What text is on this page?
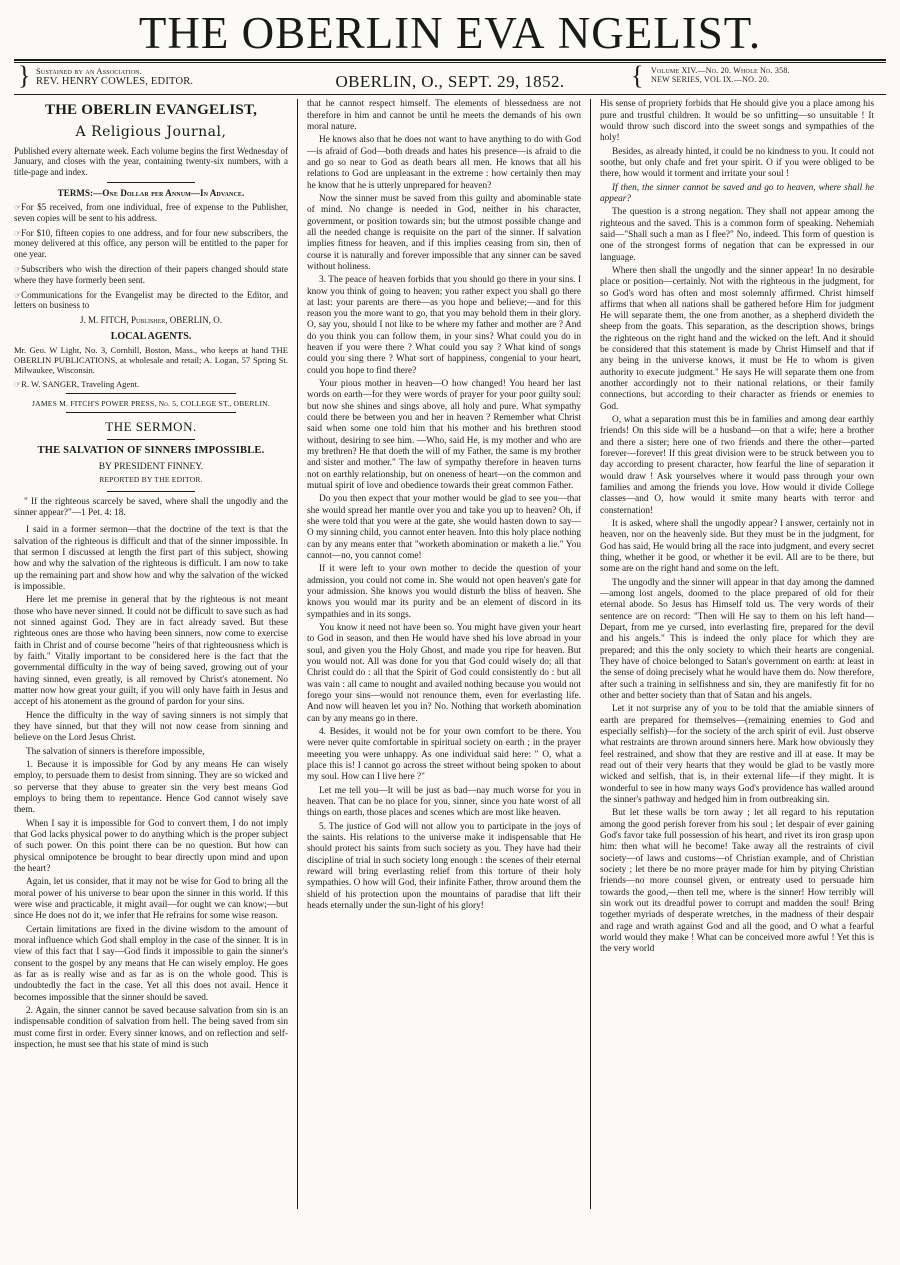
THE OBERLIN EVA NGELIST.
} Sustained by an Association.
REV. HENRY COWLES, EDITOR.	OBERLIN, O., SEPT. 29, 1852.	{ Volume XIV.—No. 20. Whole No. 358.
NEW SERIES, VOL IX.—NO. 20.
THE OBERLIN EVANGELIST,
A Religious Journal,
Published every alternate week. Each volume begins the first Wednesday of January, and closes with the year, containing twenty-six numbers, with a title-page and index.
TERMS:—One Dollar per Annum—In Advance.
☞For $5 received, from one individual, free of expense to the Publisher, seven copies will be sent to his address.
☞For $10, fifteen copies to one address, and for four new subscribers, the money delivered at this office, any person will be entitled to the paper for one year.
☞Subscribers who wish the direction of their papers changed should state where they have formerly been sent.
☞Communications for the Evangelist may be directed to the Editor, and letters on business to
J. M. FITCH, Publisher, OBERLIN, O.
LOCAL AGENTS.
Mr. Geo. W Light, No. 3, Cornhill, Boston, Mass., who keeps at hand THE OBERLIN PUBLICATIONS, at wholesale and retail; A. Logan, 57 Spring St. Milwaukee, Wisconsin.
☞R. W. SANGER, Traveling Agent.
JAMES M. FITCH'S POWER PRESS, No. 5, COLLEGE ST., OBERLIN.
THE SERMON.
THE SALVATION OF SINNERS IMPOSSIBLE.
BY PRESIDENT FINNEY.
REPORTED BY THE EDITOR.
" If the righteous scarcely be saved, where shall the ungodly and the sinner appear?"—1 Pet. 4: 18.

I said in a former sermon—that the doctrine of the text is that the salvation of the righteous is difficult and that of the sinner impossible. In that sermon I discussed at length the first part of this subject, showing how and why the salvation of the righteous is difficult. I am now to take up the remaining part and show how and why the salvation of the wicked is impossible.

Here let me premise in general that by the righteous is not meant those who have never sinned. It could not be difficult to save such as had not sinned against God. They are in fact already saved. But these righteous ones are those who having been sinners, now come to exercise faith in Christ and of course become "heirs of that righteousness which is by faith." Vitally important to be considered here is the fact that the governmental difficulty in the way of being saved, growing out of your having sinned, even greatly, is all removed by Christ's atonement. No matter now how great your guilt, if you will only have faith in Jesus and accept of his atonement as the ground of pardon for your sins.

Hence the difficulty in the way of saving sinners is not simply that they have sinned, but that they will not now cease from sinning and believe on the Lord Jesus Christ.

The salvation of sinners is therefore impossible,

1. Because it is impossible for God by any means He can wisely employ, to persuade them to desist from sinning. They are so wicked and so perverse that they abuse to greater sin the very best means God employs to bring them to repentance. Hence God cannot wisely save them.

When I say it is impossible for God to convert them, I do not imply that God lacks physical power to do anything which is the proper subject of such power. On this point there can be no question. But how can physical omnipotence be brought to bear directly upon mind and upon the heart?

Again, let us consider, that it may not be wise for God to bring all the moral power of his universe to bear upon the sinner in this world. If this were wise and practicable, it might avail—for ought we can know;—but since He does not do it, we infer that He refrains for some wise reason.

Certain limitations are fixed in the divine wisdom to the amount of moral influence which God shall employ in the case of the sinner. It is in view of this fact that I say—God finds it impossible to gain the sinner's consent to the gospel by any means that He can wisely employ. He goes as far as is really wise and as far as is on the whole good. This is undoubtedly the fact in the case. Yet all this does not avail. Hence it becomes impossible that the sinner should be saved.

2. Again, the sinner cannot be saved because salvation from sin is an indispensable condition of salvation from hell. The being saved from sin must come first in order. Every sinner knows, and on reflection and self-inspection, he must see that his state of mind is such

that he cannot respect himself. The elements of blessedness are not therefore in him and cannot be until he meets the demands of his own moral nature.

He knows also that he does not want to have anything to do with God—is afraid of God—both dreads and hates his presence—is afraid to die and go so near to God as death bears all men. He knows that all his relations to God are unpleasant in the extreme : how certainly then may he know that he is utterly unprepared for heaven?

Now the sinner must be saved from this guilty and abominable state of mind. No change is needed in God, neither in his character, government, or position towards sin; but the utmost possible change and all the needed change is requisite on the part of the sinner. If salvation implies fitness for heaven, and if this implies ceasing from sin, then of course it is naturally and forever impossible that any sinner can be saved without holiness.

3. The peace of heaven forbids that you should go there in your sins. I know you think of going to heaven; you rather expect you shall go there at last: your parents are there—as you hope and believe;—and for this reason you the more want to go, that you may behold them in their glory. O, say you, should I not like to be where my father and mother are ? And do you think you can follow them, in your sins? What could you do in heaven if you were there ? What could you say ? What kind of songs could you sing there ? What sort of happiness, congenial to your heart, could you hope to find there?

Your pious mother in heaven—O how changed! You heard her last words on earth—for they were words of prayer for your poor guilty soul: but now she shines and sings above, all holy and pure. What sympathy could there be between you and her in heaven ? Remember what Christ said when some one told him that his mother and his brethren stood without, desiring to see him. —Who, said He, is my mother and who are my brethren? He that doeth the will of my Father, the same is my brother and sister and mother." The law of sympathy therefore in heaven turns not on earthly relationship, but on oneness of heart—on the common and mutual spirit of love and obedience towards their great common Father.

Do you then expect that your mother would be glad to see you—that she would spread her mantle over you and take you up to heaven? Oh, if she were told that you were at the gate, she would hasten down to say—O my sinning child, you cannot enter heaven. Into this holy place nothing can by any means enter that "worketh abomination or maketh a lie." You cannot—no, you cannot come!

If it were left to your own mother to decide the question of your admission, you could not come in. She would not open heaven's gate for your admission. She knows you would disturb the bliss of heaven. She knows you would mar its purity and be an element of discord in its sympathies and in its songs.

You know it need not have been so. You might have given your heart to God in season, and then He would have shed his love abroad in your soul, and given you the Holy Ghost, and made you ripe for heaven. But you would not. All was done for you that God could wisely do; all that Christ could do : all that the Spirit of God could consistently do : but all was vain : all came to nought and availed nothing because you would not forego your sins—would not renounce them, even for everlasting life. And now will heaven let you in? No. Nothing that worketh abomination can by any means go in there.

4. Besides, it would not be for your own comfort to be there. You were never quite comfortable in spiritual society on earth ; in the prayer meeeting you were unhappy. As one individual said here: " O, what a place this is! I cannot go across the street without being spoken to about my soul. How can I live here ?"

Let me tell you—It will be just as bad—nay much worse for you in heaven. That can be no place for you, sinner, since you hate worst of all things on earth, those places and scenes which are most like heaven.

5. The justice of God will not allow you to participate in the joys of the saints. His relations to the universe make it indispensable that He should protect his saints from such society as you. They have had their discipline of trial in such society long enough : the scenes of their eternal reward will bring everlasting relief from this torture of their holy sympathies. O how will God, their infinite Father, throw around them the shield of his protection upon the mountains of paradise that lift their heads eternally under the sun-light of his glory!

His sense of propriety forbids that He should give you a place among his pure and trustful children. It would be so unfitting—so unsuitable ! It would throw such discord into the sweet songs and sympathies of the holy!

Besides, as already hinted, it could be no kindness to you. It could not soothe, but only chafe and fret your spirit. O if you were obliged to be there, how would it torment and irritate your soul !

If then, the sinner cannot be saved and go to heaven, where shall he appear?

The question is a strong negation. They shall not appear among the righteous and the saved. This is a common form of speaking. Nehemiah said—"Shall such a man as I flee?" No, indeed. This form of question is one of the strongest forms of negation that can be expressed in our language.

Where then shall the ungodly and the sinner appear! In no desirable place or position—certainly. Not with the righteous in the judgment, for so God's word has often and most solemnly affirmed. Christ himself affirms that when all nations shall be gathered before Him for judgment He will separate them, the one from another, as a shepherd divideth the sheep from the goats. This separation, as the description shows, brings the righteous on the right hand and the wicked on the left. And it should be considered that this statement is made by Christ Himself and that if any being in the universe knows, it must be He to whom is given authority to execute judgment." He says He will separate them one from another accordingly not to their national relations, or their family connections, but according to their character as friends or enemies to God.

O, what a separation must this be in families and among dear earthly friends! On this side will be a husband—on that a wife; here a brother and there a sister; here one of two friends and there the other—parted forever—forever! If this great division were to be struck between you to day according to present character, how fearful the line of separation it would draw ! Ask yourselves where it would pass through your own families and among the friends you love. How would it divide College classes—and O, how would it smite many hearts with terror and consternation!

It is asked, where shall the ungodly appear? I answer, certainly not in heaven, nor on the heavenly side. But they must be in the judgment, for God has said, He would bring all the race into judgment, and every secret thing, whether it be good, or whether it be evil. All are to be there, but some are on the right hand and some on the left.

The ungodly and the sinner will appear in that day among the damned—among lost angels, doomed to the place prepared of old for their eternal abode. So Jesus has Himself told us. The very words of their sentence are on record: "Then will He say to them on his left hand—Depart, from me ye cursed, into everlasting fire, prepared for the devil and his angels." This is indeed the only place for which they are prepared; and this the only society to which their hearts are congenial. They have of choice belonged to Satan's government on earth: at least in the sense of doing precisely what he would have them do. Now therefore, after such a training in selfishness and sin, they are manifestly fit for no other and better society than that of Satan and his angels.

Let it not surprise any of you to be told that the amiable sinners of earth are prepared for themselves—(remaining enemies to God and especially selfish)—for the society of the arch spirit of evil. Just observe what restraints are thrown around sinners here. Mark how obviously they feel restrained, and show that they are restive and ill at ease. It may be read out of their very hearts that they would be glad to be vastly more wicked and selfish, that is, in their external life—if they might. It is wonderful to see in how many ways God's providence has walled around the sinner's pathway and hedged him in from outbreaking sin.

But let these walls be torn away ; let all regard to his reputation among the good perish forever from his soul ; let despair of ever gaining God's favor take full possession of his heart, and rivet its iron grasp upon him: then what will he become! Take away all the restraints of civil society—of laws and customs—of Christian example, and of Christian society ; let there be no more prayer made for him by pitying Christian friends—no more counsel given, or entreaty used to persuade him towards the good,—then tell me, where is the sinner! How terribly will sin work out its dreadful power to corrupt and madden the soul! Bring together myriads of desperate wretches, in the madness of their despair and rage and wrath against God and all the good, and O what a fearful world would they make ! What can be conceived more awful ! Yet this is the very world
